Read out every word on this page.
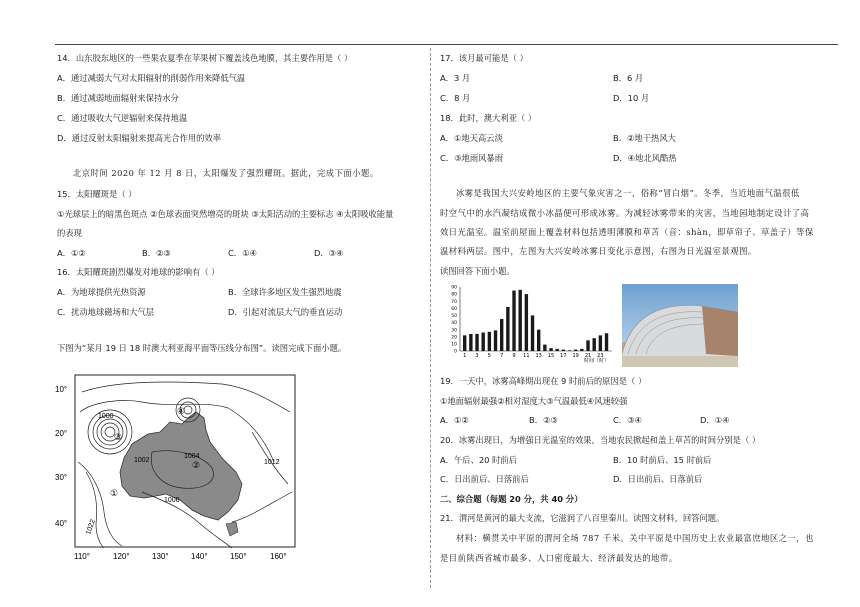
14．山东胶东地区的一些果农夏季在苹果树下覆盖浅色地膜，其主要作用是（ ）
A．通过减弱大气对太阳辐射的削弱作用来降低气温
B．通过减弱地面辐射来保持水分
C．通过吸收大气逆辐射来保持地温
D．通过反射太阳辐射来提高光合作用的效率
北京时间 2020 年 12 月 8 日，太阳爆发了强烈耀斑。据此，完成下面小题。
15．太阳耀斑是（ ）
①光球层上的暗黑色斑点 ②色球表面突然增亮的斑块 ③太阳活动的主要标志 ④太阳吸收能量
的表现
A．①②	B．②③	C．①④	D．③④
16．太阳耀斑剧烈爆发对地球的影响有（ ）
A．为地球提供光热资源	B．全球许多地区发生强烈地震
C．扰动地球磁场和大气层	D．引起对流层大气的垂直运动
下图为“某月 19 日 18 时澳大利亚海平面等压线分布图”。读图完成下面小题。
10°
20°
30°
40°
110°	120°	130°	140°	150°	160°
1000
1002
1004
1006
1012
1022
①
②
③
④
17．该月最可能是（ ）
A．3 月	B．6 月
C．8 月	D．10 月
18．此时，澳大利亚（ ）
A．①地天高云淡	B．②地干热风大
C．③地雨风暴雨	D．④地北风酷热
冰雾是我国大兴安岭地区的主要气象灾害之一，俗称“冒白烟”。冬季，当近地面气温很低
时空气中的水汽凝结成微小冰晶便可形成冰雾。为减轻冰雾带来的灾害，当地园地制定设计了高
效日光温室。温室前屋面上覆盖材料包括透明薄膜和草苫（音：shàn，即草帘子、草盖子）等保
温材料两层。图中，左图为大兴安岭冰雾日变化示意图，右图为日光温室景观图。
读图回答下面小题。
0
10
20
30
40
50
60
70
80
90
1 3 5 7 9 11 13 15 17 19 21 23
时间（时）
19．一天中，冰雾高峰期出现在 9 时前后的原因是（ ）
①地面辐射最强②相对湿度大③气温最低④风速较强
A．①②	B．②③	C．③④	D．①④
20．冰雾出现日，为增强日光温室的效果，当地农民掀起和盖上草苫的时间分别是（ ）
A．午后、20 时前后	B．10 时前后、15 时前后
C．日出前后、日落前后	D．日出前后、日落前后
二、综合题（每题 20 分，共 40 分）
21．渭河是黄河的最大支流，它滋润了八百里秦川。读图文材料，回答问题。
材料：横贯关中平原的渭河全场 787 千米。关中平原是中国历史上农业最富庶地区之一，也
是目前陕西省城市最多、人口密度最大、经济最发达的地带。
